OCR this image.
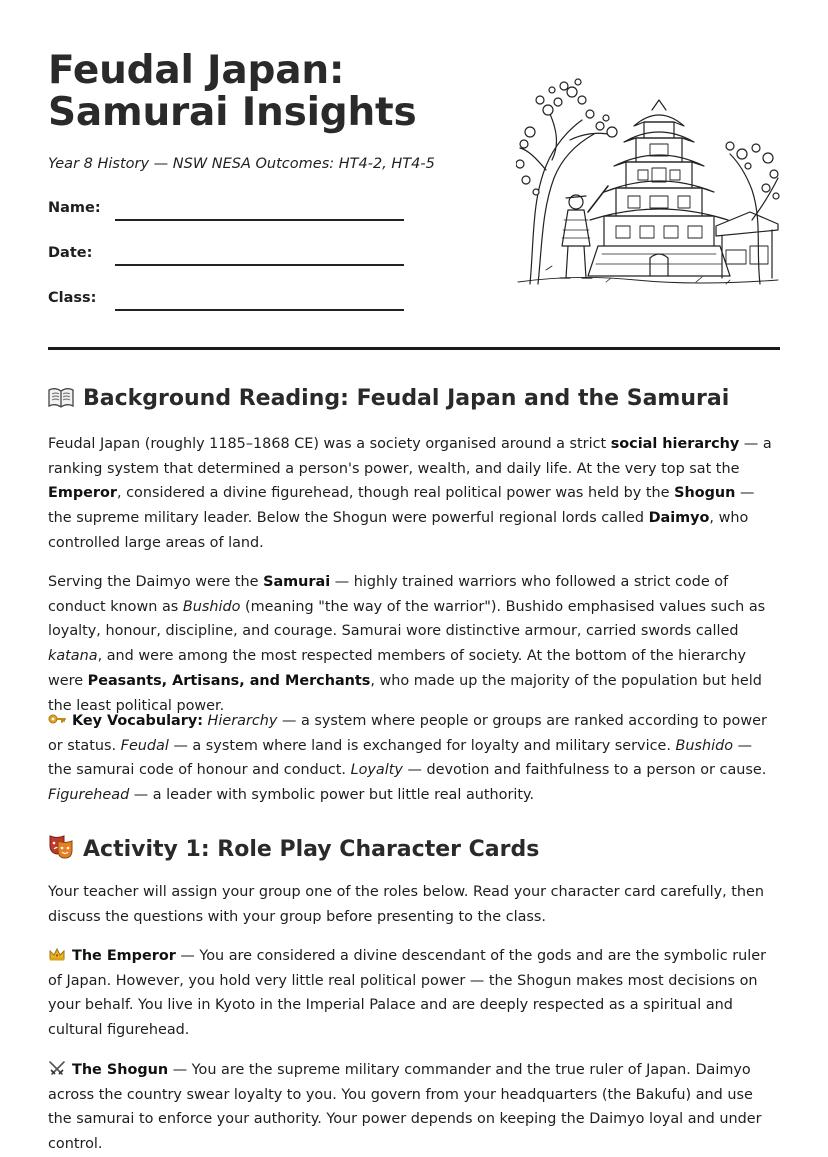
Feudal Japan: Samurai Insights
Year 8 History — NSW NESA Outcomes: HT4-2, HT4-5
Name:
Date:
Class:
Background Reading: Feudal Japan and the Samurai

Feudal Japan (roughly 1185–1868 CE) was a society organised around a strict social hierarchy — a ranking system that determined a person's power, wealth, and daily life. At the very top sat the Emperor, considered a divine figurehead, though real political power was held by the Shogun — the supreme military leader. Below the Shogun were powerful regional lords called Daimyo, who controlled large areas of land.

Serving the Daimyo were the Samurai — highly trained warriors who followed a strict code of conduct known as Bushido (meaning "the way of the warrior"). Bushido emphasised values such as loyalty, honour, discipline, and courage. Samurai wore distinctive armour, carried swords called katana, and were among the most respected members of society. At the bottom of the hierarchy were Peasants, Artisans, and Merchants, who made up the majority of the population but held the least political power.

Key Vocabulary: Hierarchy — a system where people or groups are ranked according to power or status. Feudal — a system where land is exchanged for loyalty and military service. Bushido — the samurai code of honour and conduct. Loyalty — devotion and faithfulness to a person or cause. Figurehead — a leader with symbolic power but little real authority.

Activity 1: Role Play Character Cards

Your teacher will assign your group one of the roles below. Read your character card carefully, then discuss the questions with your group before presenting to the class.

The Emperor — You are considered a divine descendant of the gods and are the symbolic ruler of Japan. However, you hold very little real political power — the Shogun makes most decisions on your behalf. You live in Kyoto in the Imperial Palace and are deeply respected as a spiritual and cultural figurehead.

The Shogun — You are the supreme military commander and the true ruler of Japan. Daimyo across the country swear loyalty to you. You govern from your headquarters (the Bakufu) and use the samurai to enforce your authority. Your power depends on keeping the Daimyo loyal and under control.
